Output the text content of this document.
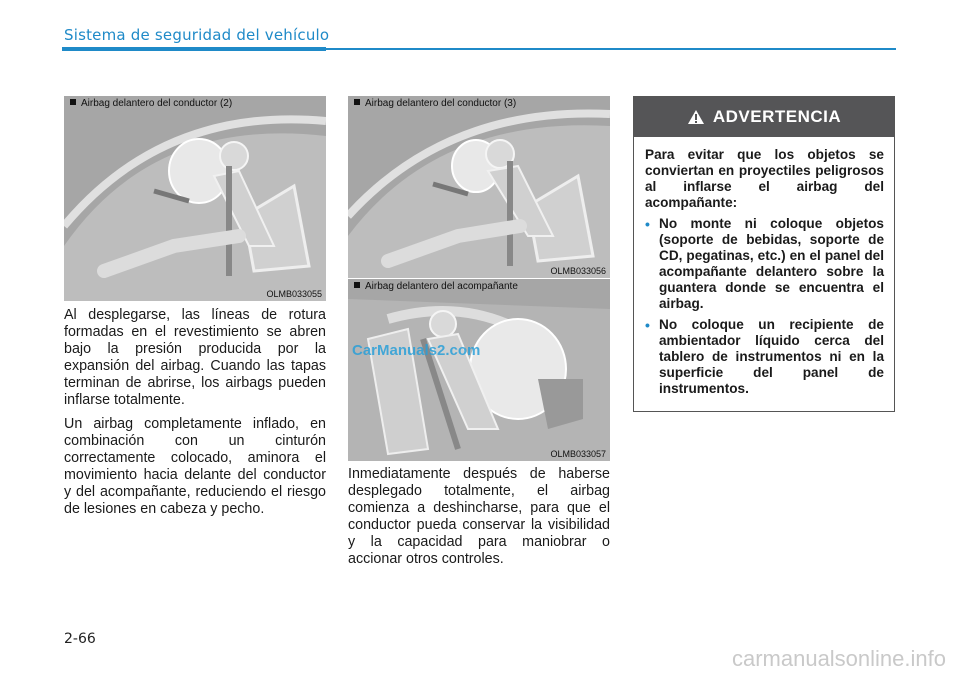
Sistema de seguridad del vehículo
Airbag delantero del conductor (2)
OLMB033055
Airbag delantero del conductor (3)
OLMB033056
Airbag delantero del acompañante
OLMB033057

Al desplegarse, las líneas de rotura formadas en el revestimiento se abren bajo la presión producida por la expansión del airbag. Cuando las tapas terminan de abrirse, los airbags pueden inflarse totalmente.

Un airbag completamente inflado, en combinación con un cinturón correctamente colocado, aminora el movimiento hacia delante del conductor y del acompañante, reduciendo el riesgo de lesiones en cabeza y pecho.

Inmediatamente después de haberse desplegado totalmente, el airbag comienza a deshincharse, para que el conductor pueda conservar la visibilidad y la capacidad para maniobrar o accionar otros controles.

ADVERTENCIA

Para evitar que los objetos se conviertan en proyectiles peligrosos al inflarse el airbag del acompañante:

• No monte ni coloque objetos (soporte de bebidas, soporte de CD, pegatinas, etc.) en el panel del acompañante delantero sobre la guantera donde se encuentra el airbag.
• No coloque un recipiente de ambientador líquido cerca del tablero de instrumentos ni en la superficie del panel de instrumentos.
CarManuals2.com
2-66
carmanualsonline.info
